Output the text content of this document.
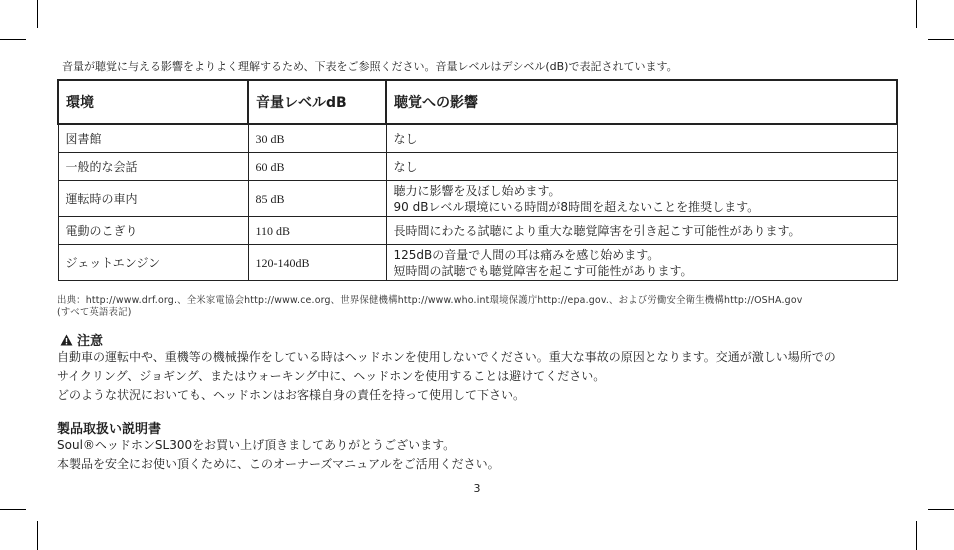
音量が聴覚に与える影響をよりよく理解するため、下表をご参照ください。音量レベルはデシベル(dB)で表記されています。
環境	音量レベルdB	聴覚への影響
図書館	30 dB	なし
一般的な会話	60 dB	なし
運転時の車内	85 dB	聴力に影響を及ぼし始めます。
90 dBレベル環境にいる時間が8時間を超えないことを推奨します。

電動のこぎり	110 dB	長時間にわたる試聴により重大な聴覚障害を引き起こす可能性があります。
ジェットエンジン	120-140dB	125dBの音量で人間の耳は痛みを感じ始めます。
短時間の試聴でも聴覚障害を起こす可能性があります。
出典：http://www.drf.org.、全米家電協会http://www.ce.org、世界保健機構http://www.who.int環境保護庁http://epa.gov.、および労働安全衛生機構http://OSHA.gov
(すべて英語表記)
注意
自動車の運転中や、重機等の機械操作をしている時はヘッドホンを使用しないでください。重大な事故の原因となります。交通が激しい場所での
サイクリング、ジョギング、またはウォーキング中に、ヘッドホンを使用することは避けてください。
どのような状況においても、ヘッドホンはお客様自身の責任を持って使用して下さい。
製品取扱い説明書
Soul®ヘッドホンSL300をお買い上げ頂きましてありがとうございます。
本製品を安全にお使い頂くために、このオーナーズマニュアルをご活用ください。
3
